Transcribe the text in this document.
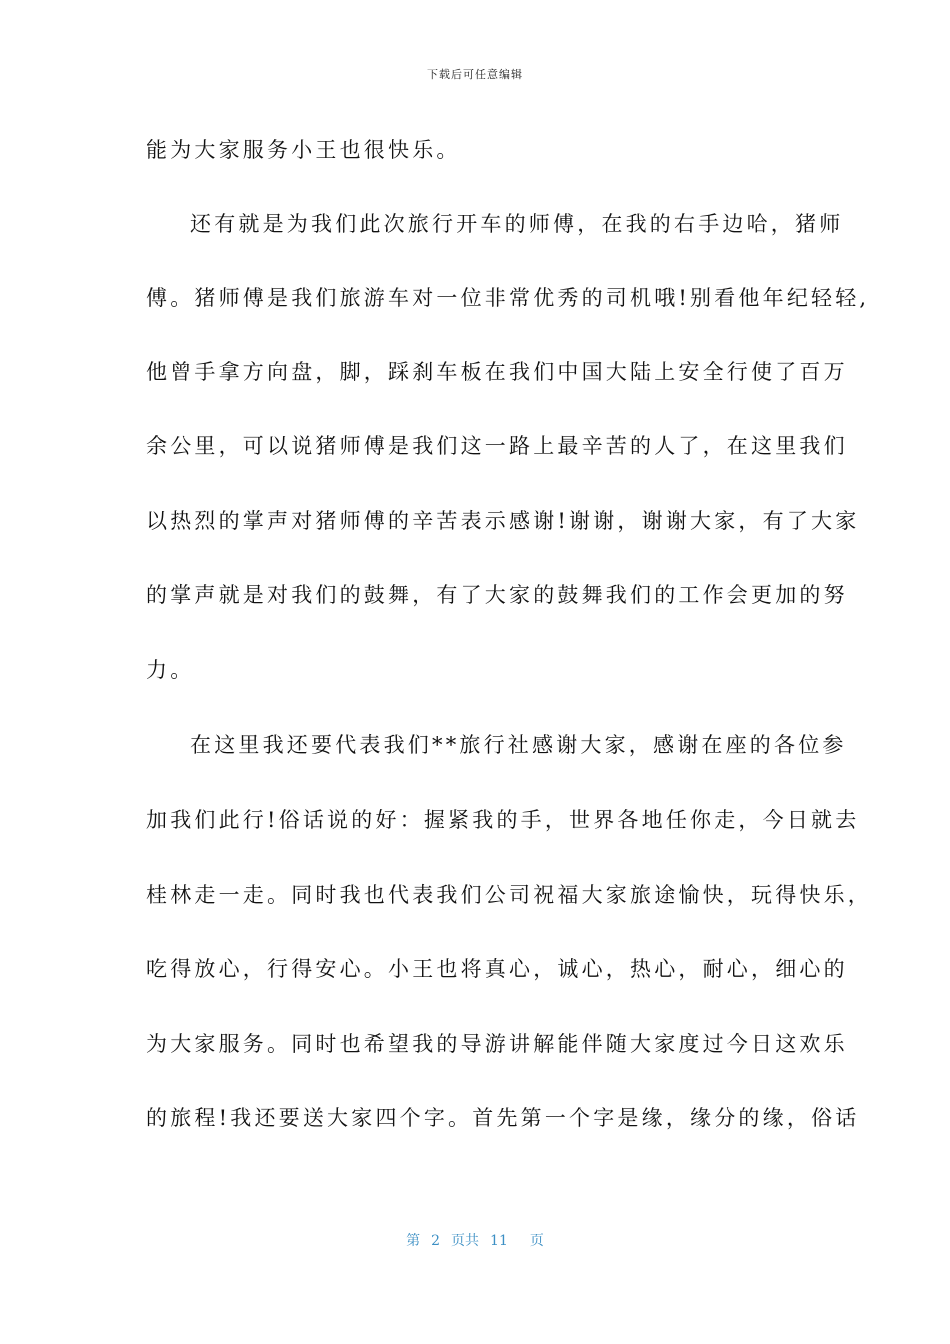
下载后可任意编辑
能为大家服务小王也很快乐。
还有就是为我们此次旅行开车的师傅，在我的右手边哈，猪师
傅。猪师傅是我们旅游车对一位非常优秀的司机哦!别看他年纪轻轻,
他曾手拿方向盘，脚，踩刹车板在我们中国大陆上安全行使了百万
余公里，可以说猪师傅是我们这一路上最辛苦的人了，在这里我们
以热烈的掌声对猪师傅的辛苦表示感谢!谢谢，谢谢大家，有了大家
的掌声就是对我们的鼓舞，有了大家的鼓舞我们的工作会更加的努
力。
在这里我还要代表我们**旅行社感谢大家，感谢在座的各位参
加我们此行!俗话说的好：握紧我的手，世界各地任你走，今日就去
桂林走一走。同时我也代表我们公司祝福大家旅途愉快，玩得快乐，
吃得放心，行得安心。小王也将真心，诚心，热心，耐心，细心的
为大家服务。同时也希望我的导游讲解能伴随大家度过今日这欢乐
的旅程!我还要送大家四个字。首先第一个字是缘，缘分的缘，俗话
第 2 页共 11 页
